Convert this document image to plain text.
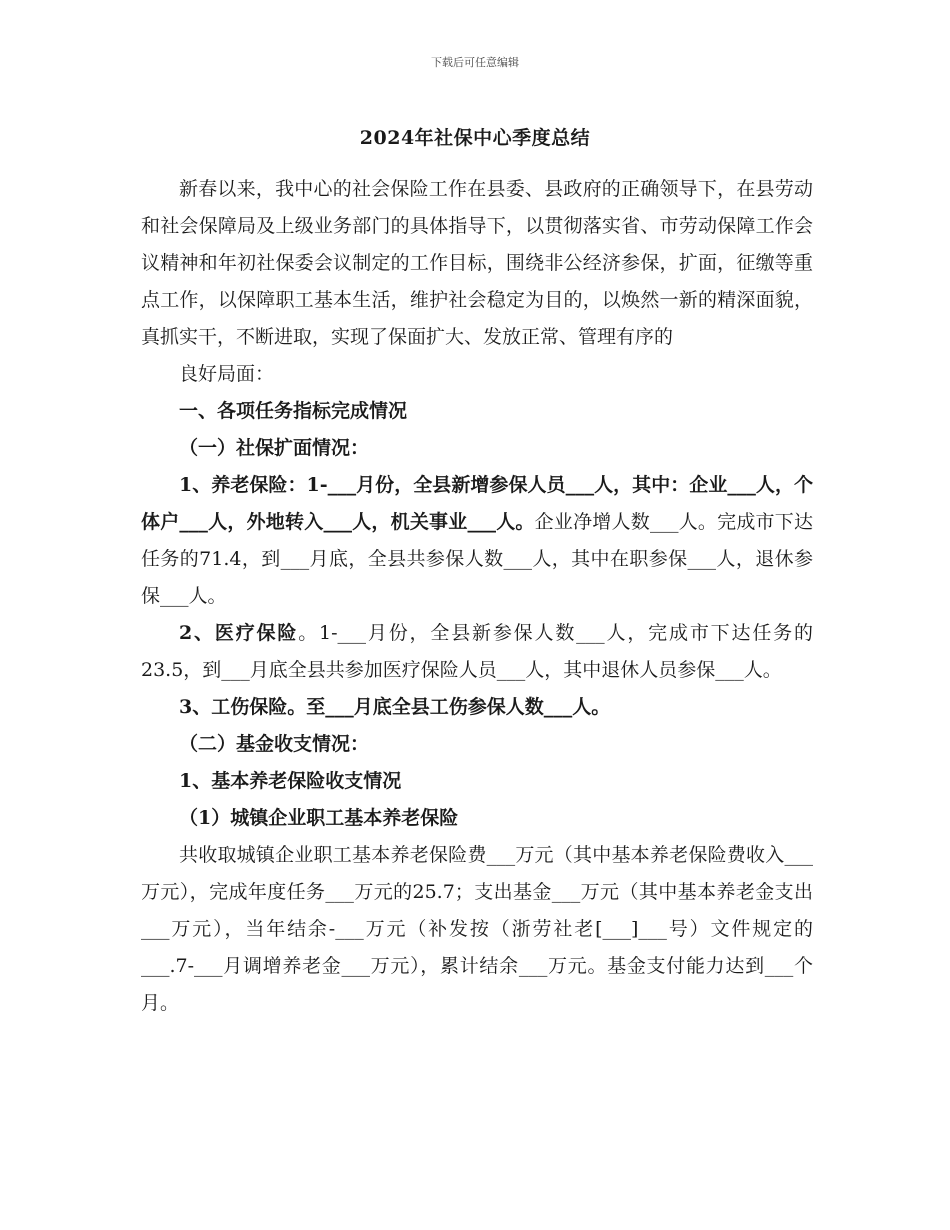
下载后可任意编辑
2024年社保中心季度总结

新春以来，我中心的社会保险工作在县委、县政府的正确领导下，在县劳动和社会保障局及上级业务部门的具体指导下，以贯彻落实省、市劳动保障工作会议精神和年初社保委会议制定的工作目标，围绕非公经济参保，扩面，征缴等重点工作，以保障职工基本生活，维护社会稳定为目的，以焕然一新的精深面貌，真抓实干，不断进取，实现了保面扩大、发放正常、管理有序的

良好局面：

一、各项任务指标完成情况

（一）社保扩面情况：

1、养老保险：1-___月份，全县新增参保人员___人，其中：企业___人，个体户___人，外地转入___人，机关事业___人。企业净增人数___人。完成市下达任务的71.4，到___月底，全县共参保人数___人，其中在职参保___人，退休参保___人。

2、医疗保险。1-___月份，全县新参保人数___人，完成市下达任务的23.5，到___月底全县共参加医疗保险人员___人，其中退休人员参保___人。

3、工伤保险。至___月底全县工伤参保人数___人。

（二）基金收支情况：

1、基本养老保险收支情况

（1）城镇企业职工基本养老保险

共收取城镇企业职工基本养老保险费___万元（其中基本养老保险费收入___万元），完成年度任务___万元的25.7；支出基金___万元（其中基本养老金支出___万元），当年结余-___万元（补发按（浙劳社老[___]___号）文件规定的___.7-___月调增养老金___万元），累计结余___万元。基金支付能力达到___个月。
